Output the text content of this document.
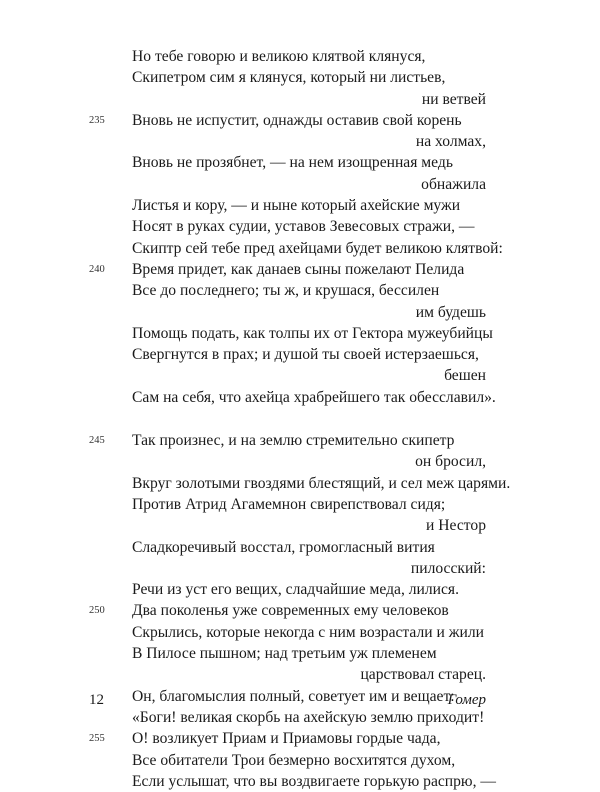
Но тебе говорю и великою клятвой клянуся,
Скипетром сим я клянуся, который ни листьев,
ни ветвей
235 Вновь не испустит, однажды оставив свой корень
на холмах,
Вновь не прозябнет, — на нем изощренная медь
обнажила
Листья и кору, — и ныне который ахейские мужи
Носят в руках судии, уставов Зевесовых стражи, —
Скиптр сей тебе пред ахейцами будет великою клятвой:
240 Время придет, как данаев сыны пожелают Пелида
Все до последнего; ты ж, и крушася, бессилен
им будешь
Помощь подать, как толпы их от Гектора мужеубийцы
Свергнутся в прах; и душой ты своей истерзаешься,
бешен
Сам на себя, что ахейца храбрейшего так обесславил».
245 Так произнес, и на землю стремительно скипетр
он бросил,
Вкруг золотыми гвоздями блестящий, и сел меж царями.
Против Атрид Агамемнон свирепствовал сидя;
и Нестор
Сладкоречивый восстал, громогласный вития
пилосский:
Речи из уст его вещих, сладчайшие меда, лилися.
250 Два поколенья уже современных ему человеков
Скрылись, которые некогда с ним возрастали и жили
В Пилосе пышном; над третьим уж племенем
царствовал старец.
Он, благомыслия полный, советует им и вещает:
«Боги! великая скорбь на ахейскую землю приходит!
255 О! возликует Приам и Приамовы гордые чада,
Все обитатели Трои безмерно восхитятся духом,
Если услышат, что вы воздвигаете горькую распрю, —
12	Гомер
